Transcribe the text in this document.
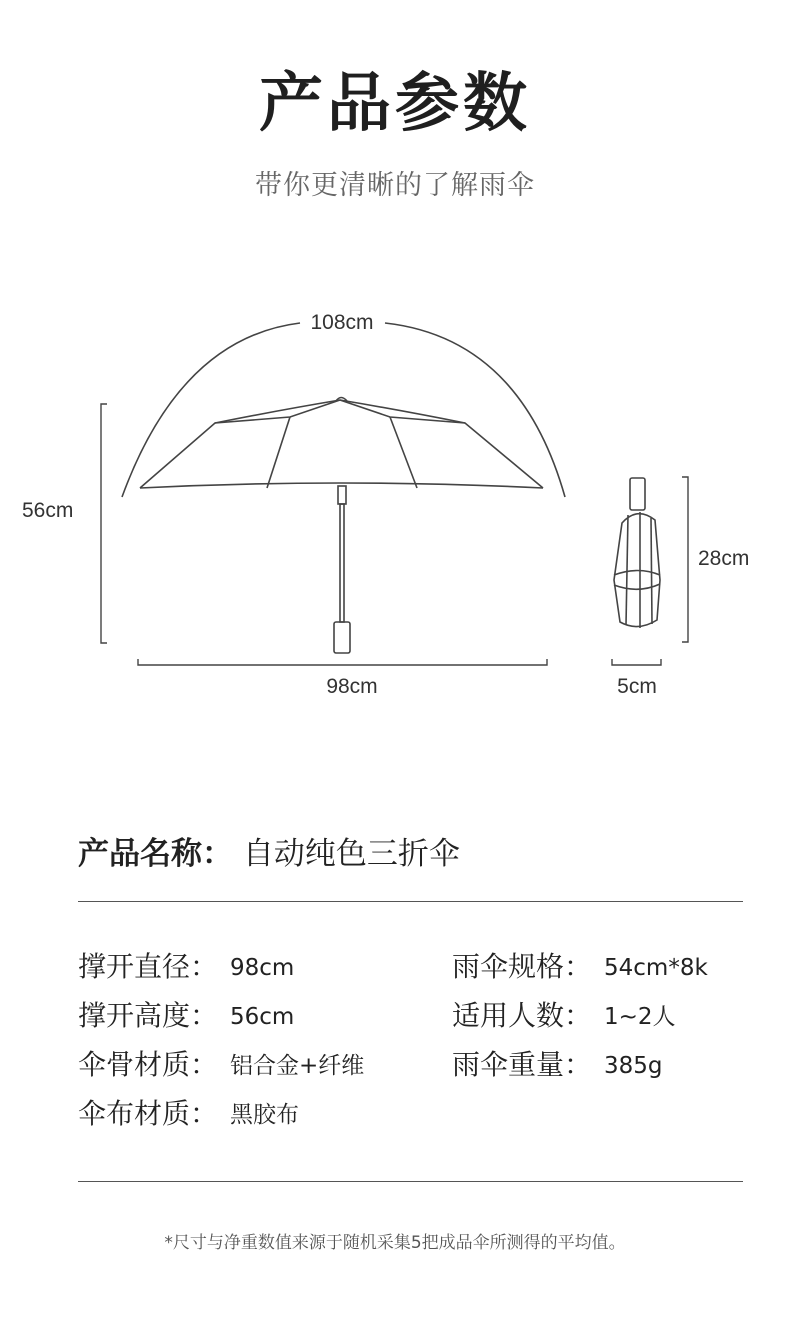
产品参数
带你更清晰的了解雨伞
108cm
56cm
98cm
28cm
5cm
产品名称： 自动纯色三折伞
撑开直径： 98cm
撑开高度： 56cm
伞骨材质： 铝合金+纤维
伞布材质： 黑胶布
雨伞规格： 54cm*8k
适用人数： 1~2人
雨伞重量： 385g
*尺寸与净重数值来源于随机采集5把成品伞所测得的平均值。
